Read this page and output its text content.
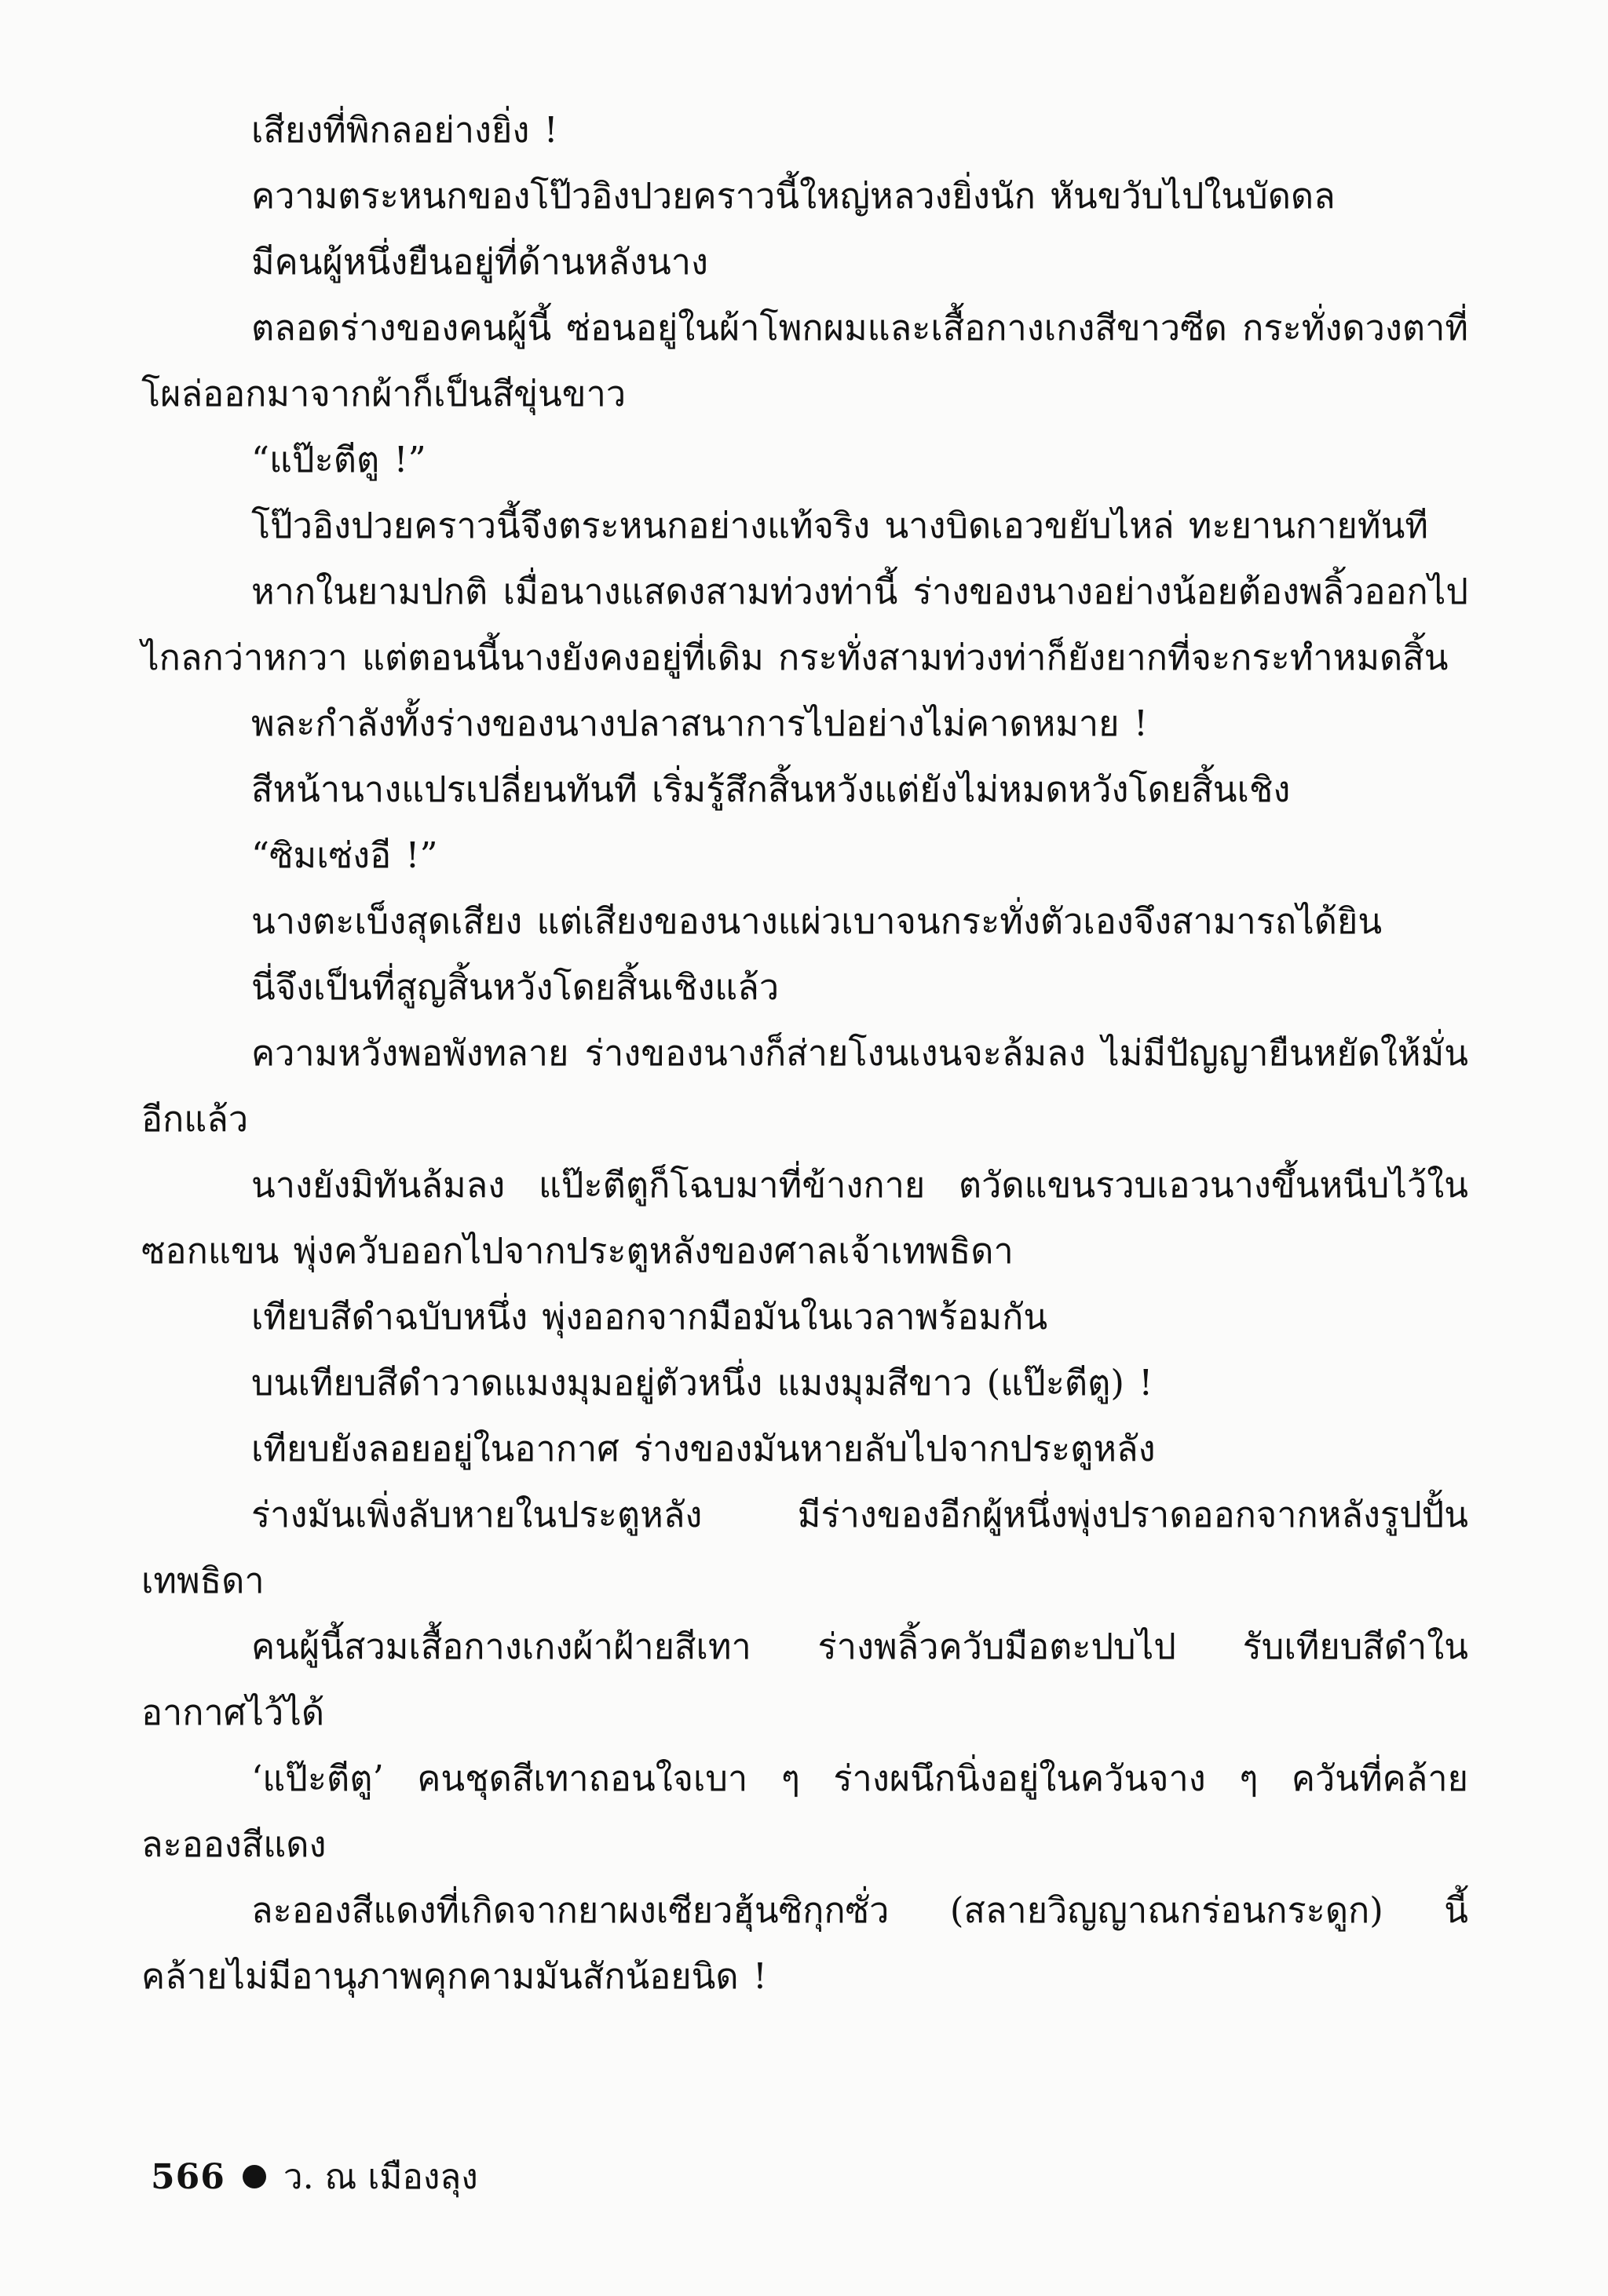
เสียงที่พิกลอย่างยิ่ง !

ความตระหนกของโป๊วอิงปวยคราวนี้ใหญ่หลวงยิ่งนัก หันขวับไปในบัดดล

มีคนผู้หนึ่งยืนอยู่ที่ด้านหลังนาง

ตลอดร่างของคนผู้นี้ ซ่อนอยู่ในผ้าโพกผมและเสื้อกางเกงสีขาวซีด กระทั่งดวงตาที่โผล่ออกมาจากผ้าก็เป็นสีขุ่นขาว

“แป๊ะตีตู !”

โป๊วอิงปวยคราวนี้จึงตระหนกอย่างแท้จริง นางบิดเอวขยับไหล่ ทะยานกายทันที

หากในยามปกติ เมื่อนางแสดงสามท่วงท่านี้ ร่างของนางอย่างน้อยต้องพลิ้วออกไปไกลกว่าหกวา แต่ตอนนี้นางยังคงอยู่ที่เดิม กระทั่งสามท่วงท่าก็ยังยากที่จะกระทำหมดสิ้น

พละกำลังทั้งร่างของนางปลาสนาการไปอย่างไม่คาดหมาย !

สีหน้านางแปรเปลี่ยนทันที เริ่มรู้สึกสิ้นหวังแต่ยังไม่หมดหวังโดยสิ้นเชิง

“ซิมเซ่งอี !”

นางตะเบ็งสุดเสียง แต่เสียงของนางแผ่วเบาจนกระทั่งตัวเองจึงสามารถได้ยิน

นี่จึงเป็นที่สูญสิ้นหวังโดยสิ้นเชิงแล้ว

ความหวังพอพังทลาย ร่างของนางก็ส่ายโงนเงนจะล้มลง ไม่มีปัญญายืนหยัดให้มั่นอีกแล้ว

นางยังมิทันล้มลง แป๊ะตีตูก็โฉบมาที่ข้างกาย ตวัดแขนรวบเอวนางขึ้นหนีบไว้ในซอกแขน พุ่งควับออกไปจากประตูหลังของศาลเจ้าเทพธิดา

เทียบสีดำฉบับหนึ่ง พุ่งออกจากมือมันในเวลาพร้อมกัน

บนเทียบสีดำวาดแมงมุมอยู่ตัวหนึ่ง แมงมุมสีขาว (แป๊ะตีตู) !

เทียบยังลอยอยู่ในอากาศ ร่างของมันหายลับไปจากประตูหลัง

ร่างมันเพิ่งลับหายในประตูหลัง มีร่างของอีกผู้หนึ่งพุ่งปราดออกจากหลังรูปปั้นเทพธิดา

คนผู้นี้สวมเสื้อกางเกงผ้าฝ้ายสีเทา ร่างพลิ้วควับมือตะปบไป รับเทียบสีดำในอากาศไว้ได้

‘แป๊ะตีตู’ คนชุดสีเทาถอนใจเบา ๆ ร่างผนึกนิ่งอยู่ในควันจาง ๆ ควันที่คล้ายละอองสีแดง

ละอองสีแดงที่เกิดจากยาผงเซียวฮุ้นซิกุกซั่ว (สลายวิญญาณกร่อนกระดูก) นี้ คล้ายไม่มีอานุภาพคุกคามมันสักน้อยนิด !

566 ว. ณ เมืองลุง
